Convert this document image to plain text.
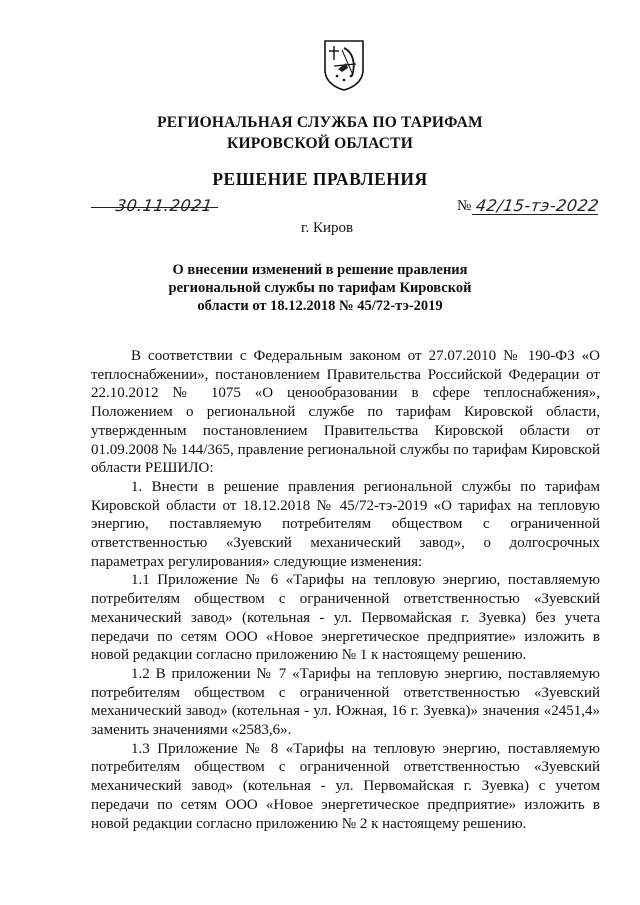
РЕГИОНАЛЬНАЯ СЛУЖБА ПО ТАРИФАМ
КИРОВСКОЙ ОБЛАСТИ
РЕШЕНИЕ ПРАВЛЕНИЯ
30.11.2021	№ 42/15-тэ-2022
г. Киров
О внесении изменений в решение правления
региональной службы по тарифам Кировской
области от 18.12.2018 № 45/72-тэ-2019

В соответствии с Федеральным законом от 27.07.2010 № 190-ФЗ «О теплоснабжении», постановлением Правительства Российской Федерации от 22.10.2012 № 1075 «О ценообразовании в сфере теплоснабжения», Положением о региональной службе по тарифам Кировской области, утвержденным постановлением Правительства Кировской области от 01.09.2008 № 144/365, правление региональной службы по тарифам Кировской области РЕШИЛО:

1. Внести в решение правления региональной службы по тарифам Кировской области от 18.12.2018 № 45/72-тэ-2019 «О тарифах на тепловую энергию, поставляемую потребителям обществом с ограниченной ответственностью «Зуевский механический завод», о долгосрочных параметрах регулирования» следующие изменения:

1.1 Приложение № 6 «Тарифы на тепловую энергию, поставляемую потребителям обществом с ограниченной ответственностью «Зуевский механический завод» (котельная - ул. Первомайская г. Зуевка) без учета передачи по сетям ООО «Новое энергетическое предприятие» изложить в новой редакции согласно приложению № 1 к настоящему решению.

1.2 В приложении № 7 «Тарифы на тепловую энергию, поставляемую потребителям обществом с ограниченной ответственностью «Зуевский механический завод» (котельная - ул. Южная, 16 г. Зуевка)» значения «2451,4» заменить значениями «2583,6».

1.3 Приложение № 8 «Тарифы на тепловую энергию, поставляемую потребителям обществом с ограниченной ответственностью «Зуевский механический завод» (котельная - ул. Первомайская г. Зуевка) с учетом передачи по сетям ООО «Новое энергетическое предприятие» изложить в новой редакции согласно приложению № 2 к настоящему решению.
